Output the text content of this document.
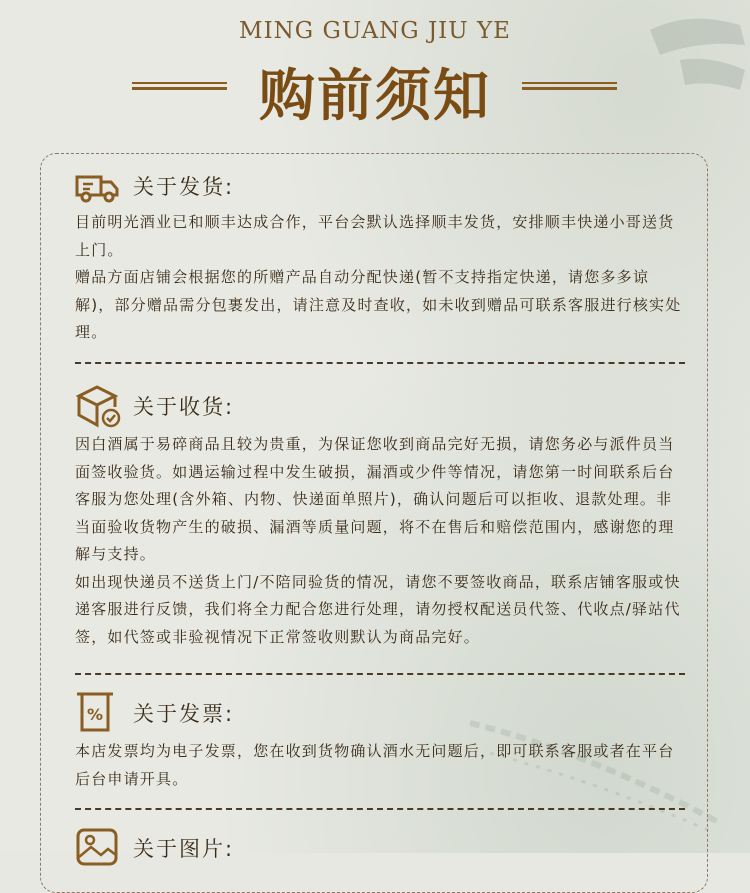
MING GUANG JIU YE
购前须知
关于发货:

目前明光酒业已和顺丰达成合作，平台会默认选择顺丰发货，安排顺丰快递小哥送货上门。

赠品方面店铺会根据您的所赠产品自动分配快递(暂不支持指定快递，请您多多谅解)，部分赠品需分包裹发出，请注意及时查收，如未收到赠品可联系客服进行核实处理。

关于收货:

因白酒属于易碎商品且较为贵重，为保证您收到商品完好无损，请您务必与派件员当面签收验货。如遇运输过程中发生破损，漏酒或少件等情况，请您第一时间联系后台客服为您处理(含外箱、内物、快递面单照片)，确认问题后可以拒收、退款处理。非当面验收货物产生的破损、漏酒等质量问题，将不在售后和赔偿范围内，感谢您的理解与支持。

如出现快递员不送货上门/不陪同验货的情况，请您不要签收商品，联系店铺客服或快递客服进行反馈，我们将全力配合您进行处理，请勿授权配送员代签、代收点/驿站代签，如代签或非验视情况下正常签收则默认为商品完好。

% 关于发票:

本店发票均为电子发票，您在收到货物确认酒水无问题后，即可联系客服或者在平台后台申请开具。

关于图片:
